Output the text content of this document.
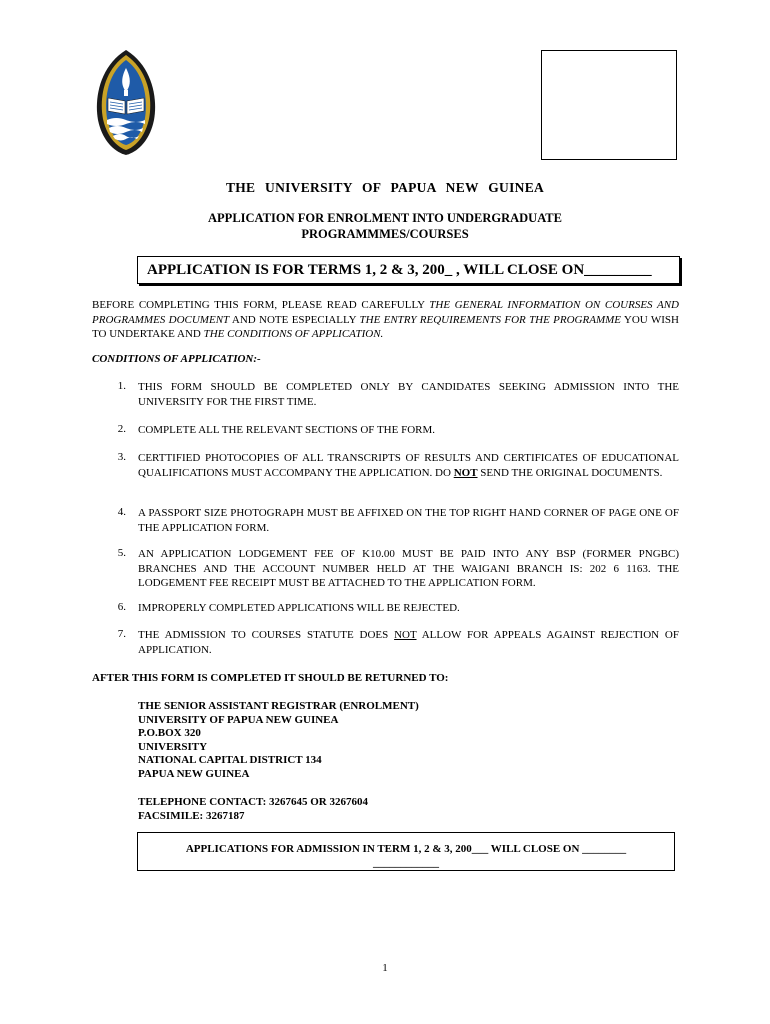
THE UNIVERSITY OF PAPUA NEW GUINEA
APPLICATION FOR ENROLMENT INTO UNDERGRADUATE PROGRAMMMES/COURSES
APPLICATION IS FOR TERMS 1, 2 & 3, 200_ , WILL CLOSE ON_________
BEFORE COMPLETING THIS FORM, PLEASE READ CAREFULLY THE GENERAL INFORMATION ON COURSES AND PROGRAMMES DOCUMENT AND NOTE ESPECIALLY THE ENTRY REQUIREMENTS FOR THE PROGRAMME YOU WISH TO UNDERTAKE AND THE CONDITIONS OF APPLICATION.
CONDITIONS OF APPLICATION:-
1. THIS FORM SHOULD BE COMPLETED ONLY BY CANDIDATES SEEKING ADMISSION INTO THE UNIVERSITY FOR THE FIRST TIME.
2. COMPLETE ALL THE RELEVANT SECTIONS OF THE FORM.
3. CERTTIFIED PHOTOCOPIES OF ALL TRANSCRIPTS OF RESULTS AND CERTIFICATES OF EDUCATIONAL QUALIFICATIONS MUST ACCOMPANY THE APPLICATION. DO NOT SEND THE ORIGINAL DOCUMENTS.
4. A PASSPORT SIZE PHOTOGRAPH MUST BE AFFIXED ON THE TOP RIGHT HAND CORNER OF PAGE ONE OF THE APPLICATION FORM.
5. AN APPLICATION LODGEMENT FEE OF K10.00 MUST BE PAID INTO ANY BSP (FORMER PNGBC) BRANCHES AND THE ACCOUNT NUMBER HELD AT THE WAIGANI BRANCH IS: 202 6 1163. THE LODGEMENT FEE RECEIPT MUST BE ATTACHED TO THE APPLICATION FORM.
6. IMPROPERLY COMPLETED APPLICATIONS WILL BE REJECTED.
7. THE ADMISSION TO COURSES STATUTE DOES NOT ALLOW FOR APPEALS AGAINST REJECTION OF APPLICATION.
AFTER THIS FORM IS COMPLETED IT SHOULD BE RETURNED TO:
THE SENIOR ASSISTANT REGISTRAR (ENROLMENT)
UNIVERSITY OF PAPUA NEW GUINEA
P.O.BOX 320
UNIVERSITY
NATIONAL CAPITAL DISTRICT 134
PAPUA NEW GUINEA
TELEPHONE CONTACT: 3267645 OR 3267604
FACSIMILE: 3267187
APPLICATIONS FOR ADMISSION IN TERM 1, 2 & 3, 200___ WILL CLOSE ON ________
____________
1
